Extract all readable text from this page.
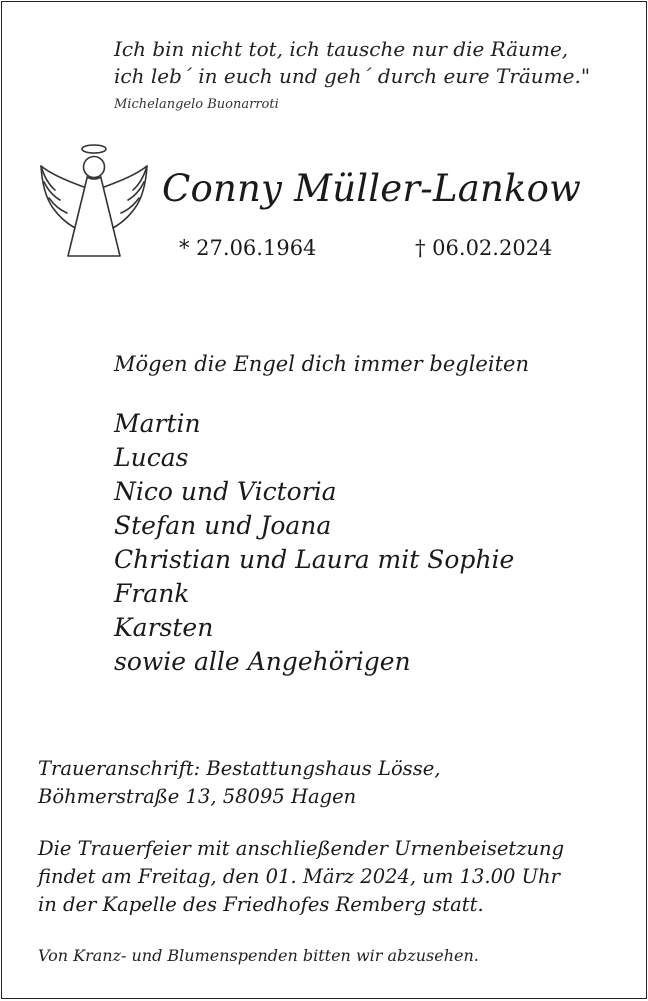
Ich bin nicht tot, ich tausche nur die Räume,
ich leb´ in euch und geh´ durch eure Träume."
Michelangelo Buonarroti
Conny Müller-Lankow
* 27.06.1964	† 06.02.2024
Mögen die Engel dich immer begleiten
Martin
Lucas
Nico und Victoria
Stefan und Joana
Christian und Laura mit Sophie
Frank
Karsten
sowie alle Angehörigen
Traueranschrift: Bestattungshaus Lösse,
Böhmerstraße 13, 58095 Hagen
Die Trauerfeier mit anschließender Urnenbeisetzung
findet am Freitag, den 01. März 2024, um 13.00 Uhr
in der Kapelle des Friedhofes Remberg statt.
Von Kranz- und Blumenspenden bitten wir abzusehen.
